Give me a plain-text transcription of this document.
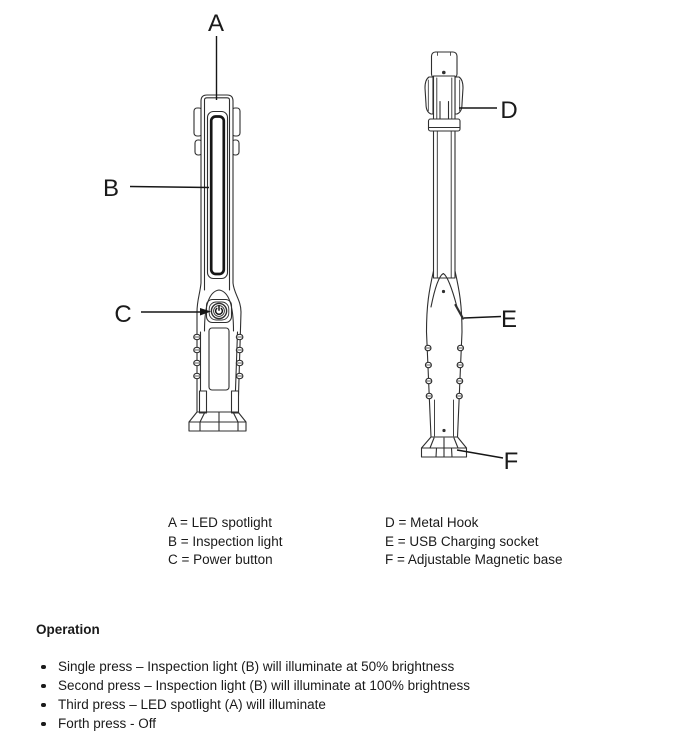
A
B
C
D
E
F
A = LED spotlight
B = Inspection light
C = Power button
D = Metal Hook
E = USB Charging socket
F = Adjustable Magnetic base
Operation
Single press – Inspection light (B) will illuminate at 50% brightness
Second press – Inspection light (B) will illuminate at 100% brightness
Third press – LED spotlight (A) will illuminate
Forth press - Off
